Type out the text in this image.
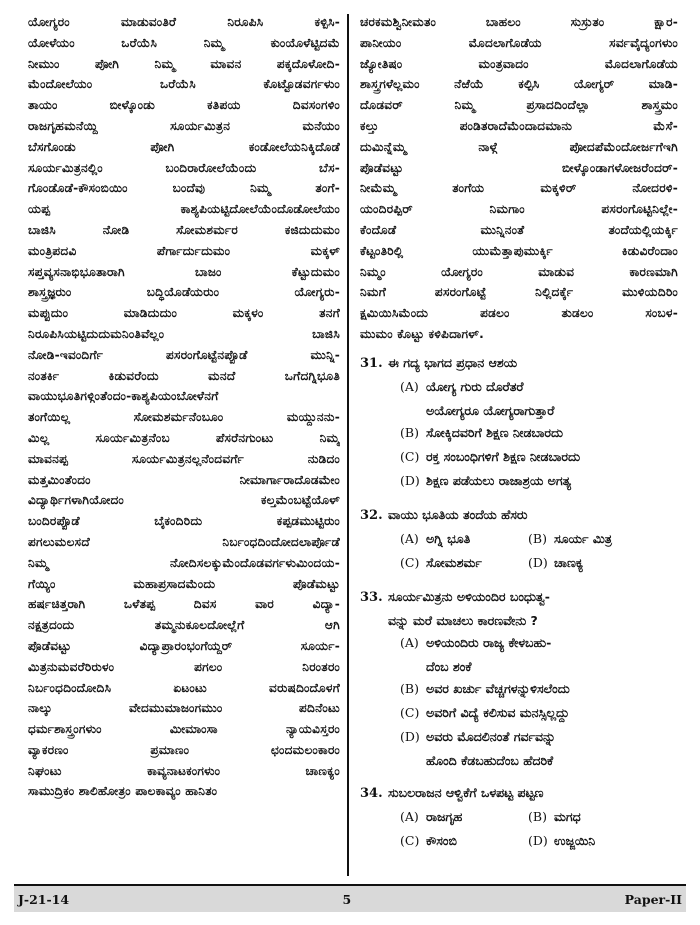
ಯೋಗ್ಯರಂ ಮಾಡುವಂತಿರೆ ನಿರೂಪಿಸಿ ಕಳ್ಪಿಸಿ-
ಯೋಳೆಯಂ ಒರೆಯೆಸಿ ನಿಮ್ಮ ಕುಂಯೊಳೆಟ್ಟಿದಮೆ
ನೀಮುಂ ಪೋಗಿ ನಿಮ್ಮ ಮಾವನ ಪಕ್ಕದೊಳೋದಿ-
ಮೆಂದೋಲೆಯಂ ಒರೆಯೆಸಿ ಕೊಟ್ಟೊಡವರ್ಗಳುಂ
ತಾಯಂ ಬೀಳ್ಕೊಂಡು ಕತಿಪಯ ದಿವಸಂಗಳಿಂ
ರಾಜಗೃಹಮನೆಯ್ದಿ ಸೂರ್ಯಮಿತ್ರನ ಮನೆಯಂ
ಬೆಸಗೊಂಡು ಪೋಗಿ ಕಂಡೋಲೆಯನಿಕ್ಕಿದೊಡೆ
ಸೂರ್ಯಮಿತ್ರನಲ್ಲಿಂ ಬಂದಿರಾರೋಲೆಯೆಂದು ಬೆಸ-
ಗೊಂಡೊಡೆ-ಕೌಸಂಬಿಯಿಂ ಬಂದೆವು ನಿಮ್ಮ ತಂಗೆ-
ಯಪ್ಪ ಕಾಶ್ಯಪಿಯಟ್ಟಿದೋಲೆಯೆಂದೊಡೋಲೆಯಂ
ಬಾಜಿಸಿ ನೋಡಿ ಸೋಮಶರ್ಮರ ಕಜಿದುದುಮಂ
ಮಂತ್ರಿಪದವಿ ಪೆರ್ಗಾರ್ದುದುಮಂ ಮಕ್ಕಳ್
ಸಪ್ತವ್ಯಸನಾಭಿಭೂತಾರಾಗಿ ಬಾಜಂ ಕೆಟ್ಟುದುಮಂ
ಶಾಸ್ತ್ರಜ್ಞರುಂ ಬದ್ಧಿಯೊಡೆಯರುಂ ಯೋಗ್ಯರು-
ಮಪ್ಪುದುಂ ಮಾಡಿದುದುಂ ಮಕ್ಕಳಂ ತನಗೆ
ನಿರೂಪಿಸಿಯಟ್ಟಿದುದುಮನಿಂತಿವೆಲ್ಲಂ ಬಾಜಿಸಿ
ನೋಡಿ-ಇವಂದಿರ್ಗೆ ಪಸರಂಗೊಟ್ಟೆನಪ್ಪೊಡೆ ಮುನ್ನಿ-
ನಂತರ್ಕಿ ಕಿಡುವರೆಂದು ಮನದೆ ಒಗೆದಗ್ನಿಭೂತಿ
ವಾಯುಭೂತಿಗಳ್ಗಿಂತೆಂದಂ-ಕಾಶ್ಯಪಿಯಂಬೋಳೆನಗೆ
ತಂಗೆಯಿಲ್ಲ ಸೋಮಶರ್ಮನೆಂಬೂಂ ಮಯ್ದುನನು-
ಮಿಲ್ಲ ಸೂರ್ಯಮಿತ್ರನೆಂಬ ಪೆಸರೆನಗುಂಟು ನಿಮ್ಮ
ಮಾವನಪ್ಪ ಸೂರ್ಯಮಿತ್ರನಲ್ಲನೆಂದವರ್ಗೆ ನುಡಿದಂ
ಮತ್ತಮಿಂತೆಂದಂ ನೀಮಾರ್ಗಾರಾದೊಡಮೇಂ
ವಿದ್ಯಾರ್ಥಿಗಳಾಗಿಯೋದಂ ಕಲ್ತಮೆಂಬಟ್ಟೆಯೊಳ್
ಬಂದಿರಪ್ಪೊಡೆ ಬೈಕಂದಿರಿದು ಕಪ್ಪಡಮುಟ್ಟಿರುಂ
ಪಗಲುಮಲಸದೆ ನಿರ್ಬಂಧದಿಂದೋದಲಾರ್ಪೊಡೆ
ನಿಮ್ಮ ನೋದಿಸಲಕ್ಕುಮೆಂದೊಡವರ್ಗಳುಮಿಂದಯ-
ಗೆಯ್ಯಿಂ ಮಹಾಪ್ರಸಾದಮೆಂದು ಪೊಡೆಮಟ್ಟು
ಹರ್ಷಚಿತ್ತರಾಗಿ ಒಳೆತಪ್ಪ ದಿವಸ ವಾರ ವಿದ್ಯಾ-
ನಕ್ಷತ್ರದಂದು ತಮ್ಮನುಕೂಲದೋಲ್ಲೆಗೆ ಆಗಿ
ಪೊಡೆವಟ್ಟು ವಿದ್ಯಾಪ್ರಾರಂಭಂಗೆಯ್ದರ್ ಸೂರ್ಯ-
ಮಿತ್ರನುಮವರೆರಿರುಳಂ ಪಗಲಂ ನಿರಂತರಂ
ನಿರ್ಬಂಧದಿಂದೋದಿಸಿ ಏಟಂಟು ವರುಷದಿಂದೊಳಗೆ
ನಾಲ್ಕು ವೇದಮುಮಾಜಂಗಮುಂ ಪದಿನೆಂಟು
ಧರ್ಮಶಾಸ್ತ್ರಂಗಳುಂ ಮೀಮಾಂಸಾ ನ್ಯಾಯವಿಸ್ತರಂ
ವ್ಯಾಕರಣಂ ಪ್ರಮಾಣಂ ಛಂದಮಲಂಕಾರಂ
ನಿಘಂಟು ಕಾವ್ಯನಾಟಕಂಗಳುಂ ಚಾಣಕ್ಯಂ
ಸಾಮುದ್ರಿಕಂ ಶಾಲಿಹೋತ್ರಂ ಪಾಲಕಾವ್ಯಂ ಹಾನಿತಂ
ಚರಕಮಶ್ವಿನೀಮತಂ ಬಾಹಲಂ ಸುಸ್ರುತಂ ಕ್ಷಾರ-
ಪಾನೀಯಂ ಮೊದಲಾಗೊಡೆಯ ಸರ್ವವೈದ್ಯಂಗಳುಂ
ಜ್ಯೋತಿಷಂ ಮಂತ್ರವಾದಂ ಮೊದಲಾಗೊಡೆಯ
ಶಾಸ್ತ್ರಗಳೆಲ್ಲಮಂ ನೆಱೆಯೆ ಕಲ್ಪಿಸಿ ಯೋಗ್ಯರ್ ಮಾಡಿ-
ದೊಡವರ್ ನಿಮ್ಮ ಪ್ರಸಾದದಿಂದೆಲ್ಲಾ ಶಾಸ್ತ್ರಮಂ
ಕಲ್ತು ಪಂಡಿತರಾದೆಮೆಂದಾದಮಾನು ಮೆಸೆ-
ದುಮಿನ್ನೆಮ್ಮ ನಾಳ್ಗೆ ಪೋದಪೆಮೆಂದೋರ್ಜಗೆಇಗಿ
ಪೊಡೆವಟ್ಟು ಬೀಳ್ಕೊಂಡಾಗಳೋಜರೆಂದರ್-
ನೀಮೆಮ್ಮ ತಂಗೆಯ ಮಕ್ಕಳಿರ್ ನೋದರಳಿ-
ಯಂದಿರಪ್ಪಿರ್ ನಿಮಗಾಂ ಪಸರಂಗೊಟ್ಟಿನಿಲ್ಲೇ-
ಕೆಂದೊಡೆ ಮುನ್ನಿನಂತೆ ತಂದೆಯಲ್ಲಿಯರ್ಕ್ಕಿ
ಕೆಟ್ಟಂತಿರಿಲ್ಲಿ ಯುಮೆತ್ತಾಪುಮುರ್ಕ್ಕಿ ಕಿಡುವಿರೆಂದಾಂ
ನಿಮ್ಮಂ ಯೋಗ್ಯರಂ ಮಾಡುವ ಕಾರಣಮಾಗಿ
ನಿಮಗೆ ಪಸರಂಗೊಟ್ಟೆ ನಿಲ್ಲಿದರ್ಕ್ಕೆ ಮುಳಿಯದಿರಿಂ
ಕ್ಷಮಿಯಿಸಿಮೆಂದು ಪಡಲಂ ತುಡಲಂ ಸಂಬಳ-
ಮುಮಂ ಕೊಟ್ಟು ಕಳಿಪಿದಾಗಳ್.
31. ಈ ಗದ್ಯ ಭಾಗದ ಪ್ರಧಾನ ಆಶಯ
(A) ಯೋಗ್ಯ ಗುರು ದೊರೆತರೆ
ಅಯೋಗ್ಯರೂ ಯೋಗ್ಯರಾಗುತ್ತಾರೆ
(B) ಸೋಕ್ಕಿದವರಿಗೆ ಶಿಕ್ಷಣ ನೀಡಬಾರದು
(C) ರಕ್ತ ಸಂಬಂಧಿಗಳಿಗೆ ಶಿಕ್ಷಣ ನೀಡಬಾರದು
(D) ಶಿಕ್ಷಣ ಪಡೆಯಲು ರಾಜಾಶ್ರಯ ಅಗತ್ಯ
32. ವಾಯು ಭೂತಿಯ ತಂದೆಯ ಹೆಸರು
(A) ಅಗ್ನಿ ಭೂತಿ	(B) ಸೂರ್ಯ ಮಿತ್ರ
(C) ಸೋಮಶರ್ಮ	(D) ಚಾಣಕ್ಯ
33. ಸೂರ್ಯಮಿತ್ರನು ಅಳಿಯಂದಿರ ಬಂಧುತ್ವ-
ವನ್ನು ಮರೆ ಮಾಚಲು ಕಾರಣವೇನು ?
(A) ಅಳಿಯಂದಿರು ರಾಜ್ಯ ಕೇಳಬಹು-
ದೆಂಬ ಶಂಕೆ
(B) ಅವರ ಖರ್ಚು ವೆಚ್ಚಗಳನ್ನುಳಿಸಲೆಂದು
(C) ಅವರಿಗೆ ವಿದ್ಯೆ ಕಲಿಸುವ ಮನಸ್ಸಿಲ್ಲದ್ದು
(D) ಅವರು ಮೊದಲಿನಂತೆ ಗರ್ವವನ್ನು
ಹೊಂದಿ ಕೆಡಬಹುದೆಂಬ ಹೆದರಿಕೆ
34. ಸುಬಲರಾಜನ ಆಳ್ವಿಕೆಗೆ ಒಳಪಟ್ಟ ಪಟ್ಟಣ
(A) ರಾಜಗೃಹ	(B) ಮಗಧ
(C) ಕೌಸಂಬಿ	(D) ಉಜ್ಜಯಿನಿ
J-21-14	5	Paper-II
